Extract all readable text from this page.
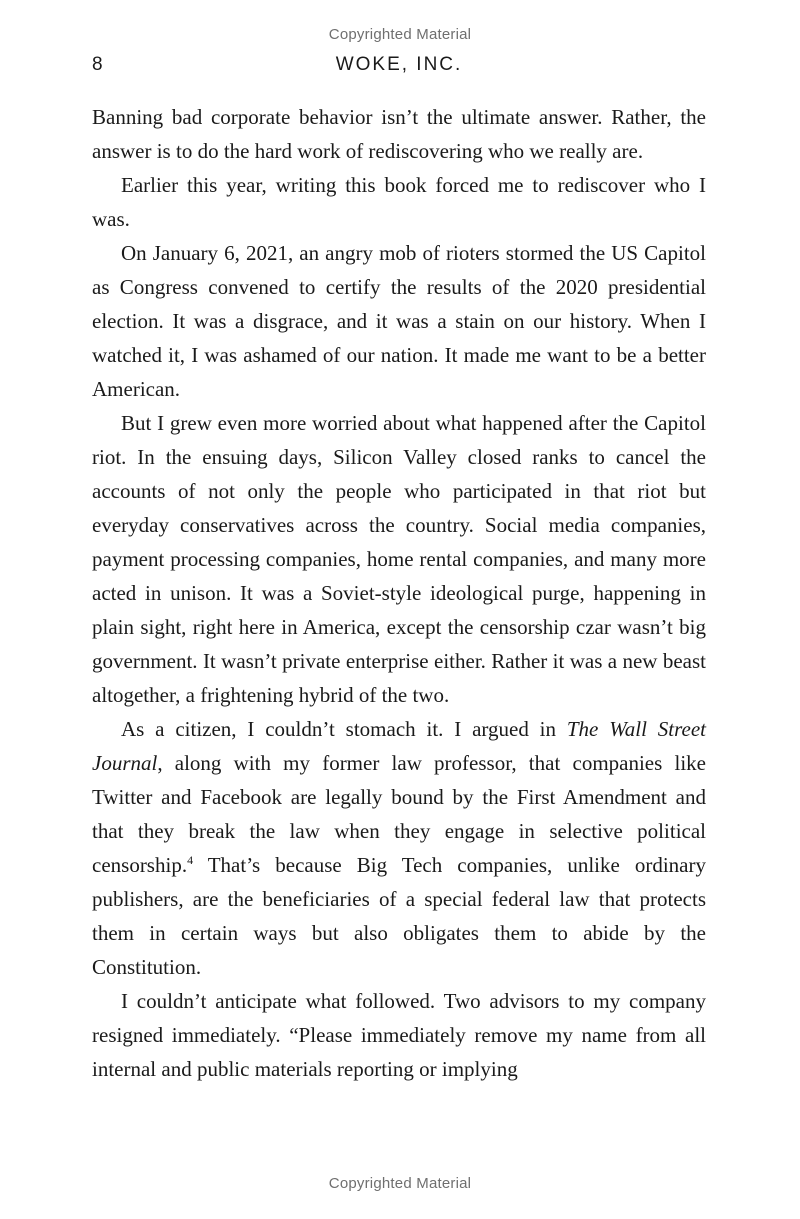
Copyrighted Material
8	WOKE, INC.

Banning bad corporate behavior isn’t the ultimate answer. Rather, the answer is to do the hard work of rediscovering who we really are.

Earlier this year, writing this book forced me to rediscover who I was.

On January 6, 2021, an angry mob of rioters stormed the US Capitol as Congress convened to certify the results of the 2020 presidential election. It was a disgrace, and it was a stain on our history. When I watched it, I was ashamed of our nation. It made me want to be a better American.

But I grew even more worried about what happened after the Capitol riot. In the ensuing days, Silicon Valley closed ranks to cancel the accounts of not only the people who participated in that riot but everyday conservatives across the country. Social media companies, payment processing companies, home rental companies, and many more acted in unison. It was a Soviet-style ideological purge, happening in plain sight, right here in America, except the censorship czar wasn’t big government. It wasn’t private enterprise either. Rather it was a new beast altogether, a frightening hybrid of the two.

As a citizen, I couldn’t stomach it. I argued in The Wall Street Journal, along with my former law professor, that companies like Twitter and Facebook are legally bound by the First Amendment and that they break the law when they engage in selective political censorship.$^4$ That’s because Big Tech companies, unlike ordinary publishers, are the beneficiaries of a special federal law that protects them in certain ways but also obligates them to abide by the Constitution.

I couldn’t anticipate what followed. Two advisors to my company resigned immediately. “Please immediately remove my name from all internal and public materials reporting or implying

Copyrighted Material
